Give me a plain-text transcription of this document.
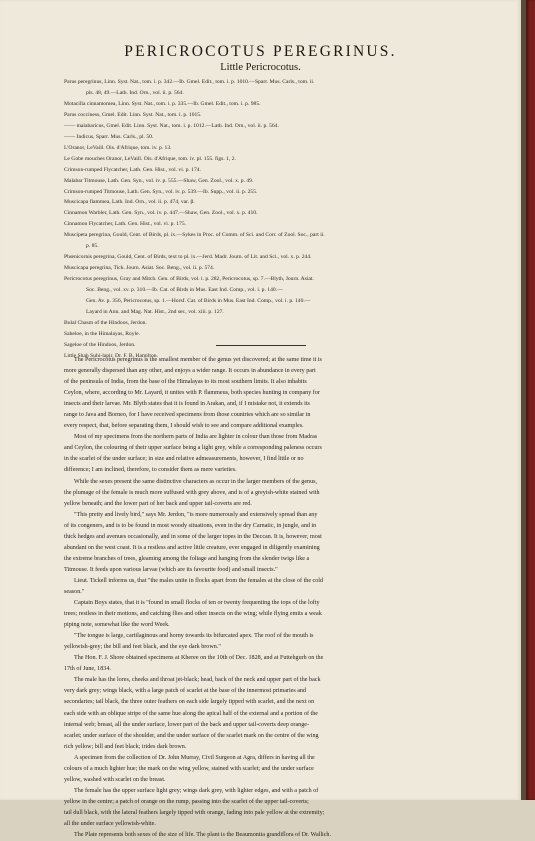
PERICROCOTUS PEREGRINUS.
Little Pericrocotus.
Parus peregrinus, Linn. Syst. Nat., tom. i. p. 342.—Ib. Gmel. Edit., tom. i. p. 1010.—Sparr. Mus. Carls., tom. ii.
pls. 48, 49.—Lath. Ind. Orn., vol. ii. p. 564.
Motacilla cinnamomea, Linn. Syst. Nat., tom. i. p. 335.—Ib. Gmel. Edit., tom. i. p. 985.
Parus cocciness, Gmel. Edit. Linn. Syst. Nat., tom. i. p. 1015.
—— malabaricus, Gmel. Edit. Linn. Syst. Nat., tom. i. p. 1012.—Lath. Ind. Orn., vol. ii. p. 564.
—— Indicus, Sparr. Mus. Carls., pl. 50.
L'Oranor, LeVaill. Ois. d'Afrique, tom. iv. p. 13.
Le Gobe mouches Oranor, LeVaill. Ois. d'Afrique, tom. iv. pl. 155. figs. 1, 2.
Crimson-rumped Flycatcher, Lath. Gen. Hist., vol. vi. p. 174.
Malabar Titmouse, Lath. Gen. Syn., vol. iv. p. 555.—Shaw, Gen. Zool., vol. x. p. 49.
Crimson-rumped Titmouse, Lath. Gen. Syn., vol. iv. p. 539.—Ib. Supp., vol. ii. p. 255.
Muscicapa flammea, Lath. Ind. Orn., vol. ii. p. 474, var. β.
Cinnamon Warbler, Lath. Gen. Syn., vol. iv. p. 447.—Shaw, Gen. Zool., vol. x. p. 410.
Cinnamon Flycatcher, Lath. Gen. Hist., vol. vi. p. 175.
Muscipeta peregrina, Gould, Cent. of Birds, pl. ix.—Sykes in Proc. of Comm. of Sci. and Corr. of Zool. Soc., part ii.
p. 85.
Phœnicornis peregrina, Gould, Cent. of Birds, text to pl. ix.—Jerd. Madr. Journ. of Lit. and Sci., vol. x. p. 244.
Muscicapa peregrina, Tick. Journ. Asiat. Soc. Beng., vol. ii. p. 574.
Pericrocotus peregrinus, Gray and Mitch. Gen. of Birds, vol. i. p. 282, Pericrocotus, sp. 7.—Blyth, Journ. Asiat.
Soc. Beng., vol. xv. p. 310.—Ib. Cat. of Birds in Mus. East Ind. Comp., vol. i. p. 140.—
Gen. Av. p. 356, Pericrocotus, sp. 1.—Horsf. Cat. of Birds in Mus. East Ind. Comp., vol. i. p. 140.—
Layard in Ann. and Mag. Nat. Hist., 2nd ser., vol. xiii. p. 127.
Bulal Chasm of the Hindoos, Jerdon.
Saheloe, in the Himalayas, Royle.
Sageloe of the Hindoos, Jerdon.
Little Shah Suhi-lapir, Dr. F. B. Hamilton.
The Pericrocotus peregrinus is the smallest member of the genus yet discovered; at the same time it is
more generally dispersed than any other, and enjoys a wider range. It occurs in abundance in every part
of the peninsula of India, from the base of the Himalayas to its most southern limits. It also inhabits
Ceylon, where, according to Mr. Layard, it unites with P. flammeus, both species hunting in company for
insects and their larvae. Mr. Blyth states that it is found in Arakan, and, if I mistake not, it extends its
range to Java and Borneo, for I have received specimens from those countries which are so similar in
every respect, that, before separating them, I should wish to see and compare additional examples.
Most of my specimens from the northern parts of India are lighter in colour than those from Madras
and Ceylon, the colouring of their upper surface being a light grey, while a corresponding paleness occurs
in the scarlet of the under surface; in size and relative admeasurements, however, I find little or no
difference; I am inclined, therefore, to consider them as mere varieties.
While the sexes present the same distinctive characters as occur in the larger members of the genus,
the plumage of the female is much more suffused with grey above, and is of a greyish-white stained with
yellow beneath; and the lower part of her back and upper tail-coverts are red.
"This pretty and lively bird," says Mr. Jerdon, "is more numerously and extensively spread than any
of its congeners, and is to be found in most woody situations, even in the dry Carnatic, in jungle, and in
thick hedges and avenues occasionally, and in some of the larger topes in the Deccan. It is, however, most
abundant on the west coast. It is a restless and active little creature, ever engaged in diligently examining
the extreme branches of trees, gleaming among the foliage and hanging from the slender twigs like a
Titmouse. It feeds upon various larvae (which are its favourite food) and small insects."
Lieut. Tickell informs us, that "the males unite in flocks apart from the females at the close of the cold
season."
Captain Boys states, that it is "found in small flocks of ten or twenty frequenting the tops of the lofty
trees; restless in their motions, and catching flies and other insects on the wing; while flying emits a weak
piping note, somewhat like the word Week.
"The tongue is large, cartilaginous and horny towards its bifurcated apex. The roof of the mouth is
yellowish-grey; the bill and feet black, and the eye dark brown."
The Hon. F. J. Shore obtained specimens at Kheree on the 10th of Dec. 1828, and at Futtehgurh on the
17th of June, 1834.
The male has the lores, cheeks and throat jet-black; head, back of the neck and upper part of the back
very dark grey; wings black, with a large patch of scarlet at the base of the innermost primaries and
secondaries; tail black, the three outer feathers on each side largely tipped with scarlet, and the next on
each side with an oblique stripe of the same hue along the apical half of the external and a portion of the
internal web; breast, all the under surface, lower part of the back and upper tail-coverts deep orange-
scarlet; under surface of the shoulder, and the under surface of the scarlet mark on the centre of the wing
rich yellow; bill and feet black; irides dark brown.
A specimen from the collection of Dr. John Murray, Civil Surgeon at Agra, differs in having all the
colours of a much lighter hue; the mark on the wing yellow, stained with scarlet; and the under surface
yellow, washed with scarlet on the breast.
The female has the upper surface light grey; wings dark grey, with lighter edges, and with a patch of
yellow in the centre; a patch of orange on the rump, passing into the scarlet of the upper tail-coverts;
tail dull black, with the lateral feathers largely tipped with orange, fading into pale yellow at the extremity;
all the under surface yellowish-white.
The Plate represents both sexes of the size of life. The plant is the Beaumontia grandiflora of Dr. Wallich.
